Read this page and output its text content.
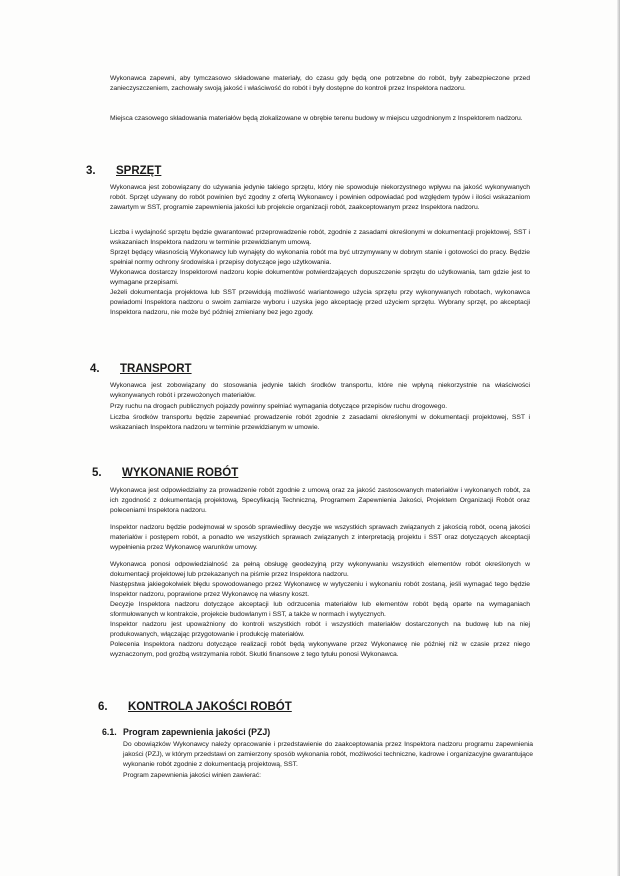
Wykonawca zapewni, aby tymczasowo składowane materiały, do czasu gdy będą one potrzebne do robót, były zabezpieczone przed zanieczyszczeniem, zachowały swoją jakość i właściwość do robót i były dostępne do kontroli przez Inspektora nadzoru.

Miejsca czasowego składowania materiałów będą zlokalizowane w obrębie terenu budowy w miejscu uzgodnionym z Inspektorem nadzoru.

3. SPRZĘT

Wykonawca jest zobowiązany do używania jedynie takiego sprzętu, który nie spowoduje niekorzystnego wpływu na jakość wykonywanych robót. Sprzęt używany do robót powinien być zgodny z ofertą Wykonawcy i powinien odpowiadać pod względem typów i ilości wskazaniom zawartym w SST, programie zapewnienia jakości lub projekcie organizacji robót, zaakceptowanym przez Inspektora nadzoru.

Liczba i wydajność sprzętu będzie gwarantować przeprowadzenie robót, zgodnie z zasadami określonymi w dokumentacji projektowej, SST i wskazaniach Inspektora nadzoru w terminie przewidzianym umową.

Sprzęt będący własnością Wykonawcy lub wynajęty do wykonania robót ma być utrzymywany w dobrym stanie i gotowości do pracy. Będzie spełniał normy ochrony środowiska i przepisy dotyczące jego użytkowania.

Wykonawca dostarczy Inspektorowi nadzoru kopie dokumentów potwierdzających dopuszczenie sprzętu do użytkowania, tam gdzie jest to wymagane przepisami.

Jeżeli dokumentacja projektowa lub SST przewidują możliwość wariantowego użycia sprzętu przy wykonywanych robotach, wykonawca powiadomi Inspektora nadzoru o swoim zamiarze wyboru i uzyska jego akceptację przed użyciem sprzętu. Wybrany sprzęt, po akceptacji Inspektora nadzoru, nie może być później zmieniany bez jego zgody.

4. TRANSPORT

Wykonawca jest zobowiązany do stosowania jedynie takich środków transportu, które nie wpłyną niekorzystnie na właściwości wykonywanych robót i przewożonych materiałów.

Przy ruchu na drogach publicznych pojazdy powinny spełniać wymagania dotyczące przepisów ruchu drogowego.

Liczba środków transportu będzie zapewniać prowadzenie robót zgodnie z zasadami określonymi w dokumentacji projektowej, SST i wskazaniach Inspektora nadzoru w terminie przewidzianym w umowie.

5. WYKONANIE ROBÓT

Wykonawca jest odpowiedzialny za prowadzenie robót zgodnie z umową oraz za jakość zastosowanych materiałów i wykonanych robót, za ich zgodność z dokumentacją projektową, Specyfikacją Techniczną, Programem Zapewnienia Jakości, Projektem Organizacji Robót oraz poleceniami Inspektora nadzoru.

Inspektor nadzoru będzie podejmował w sposób sprawiedliwy decyzje we wszystkich sprawach związanych z jakością robót, oceną jakości materiałów i postępem robót, a ponadto we wszystkich sprawach związanych z interpretacją projektu i SST oraz dotyczących akceptacji wypełnienia przez Wykonawcę warunków umowy.

Wykonawca ponosi odpowiedzialność za pełną obsługę geodezyjną przy wykonywaniu wszystkich elementów robót określonych w dokumentacji projektowej lub przekazanych na piśmie przez Inspektora nadzoru.

Następstwa jakiegokolwiek błędu spowodowanego przez Wykonawcę w wytyczeniu i wykonaniu robót zostaną, jeśli wymagać tego będzie Inspektor nadzoru, poprawione przez Wykonawcę na własny koszt.

Decyzje Inspektora nadzoru dotyczące akceptacji lub odrzucenia materiałów lub elementów robót będą oparte na wymaganiach sformułowanych w kontrakcie, projekcie budowlanym i SST, a także w normach i wytycznych.

Inspektor nadzoru jest upoważniony do kontroli wszystkich robót i wszystkich materiałów dostarczonych na budowę lub na niej produkowanych, włączając przygotowanie i produkcję materiałów.

Polecenia Inspektora nadzoru dotyczące realizacji robót będą wykonywane przez Wykonawcę nie później niż w czasie przez niego wyznaczonym, pod groźbą wstrzymania robót. Skutki finansowe z tego tytułu ponosi Wykonawca.

6. KONTROLA JAKOŚCI ROBÓT
6.1. Program zapewnienia jakości (PZJ)

Do obowiązków Wykonawcy należy opracowanie i przedstawienie do zaakceptowania przez Inspektora nadzoru programu zapewnienia jakości (PZJ), w którym przedstawi on zamierzony sposób wykonania robót, możliwości techniczne, kadrowe i organizacyjne gwarantujące wykonanie robót zgodnie z dokumentacją projektową, SST.

Program zapewnienia jakości winien zawierać:
